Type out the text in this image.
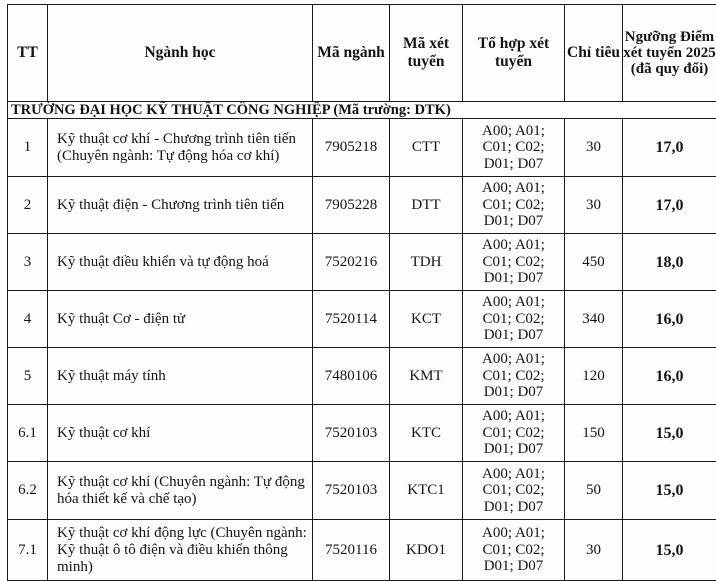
TT	Ngành học	Mã ngành	Mã xét tuyển	Tổ hợp xét tuyển	Chỉ tiêu	Ngưỡng Điểm xét tuyển 2025 (đã quy đổi)
TRƯỜNG ĐẠI HỌC KỸ THUẬT CÔNG NGHIỆP (Mã trường: DTK)						
1	Kỹ thuật cơ khí - Chương trình tiên tiến (Chuyên ngành: Tự động hóa cơ khí)	7905218	CTT	A00; A01;
C01; C02;
D01; D07	30	17,0
2	Kỹ thuật điện - Chương trình tiên tiến	7905228	DTT	A00; A01;
C01; C02;
D01; D07	30	17,0
3	Kỹ thuật điều khiển và tự động hoá	7520216	TDH	A00; A01;
C01; C02;
D01; D07	450	18,0
4	Kỹ thuật Cơ - điện tử	7520114	KCT	A00; A01;
C01; C02;
D01; D07	340	16,0
5	Kỹ thuật máy tính	7480106	KMT	A00; A01;
C01; C02;
D01; D07	120	16,0
6.1	Kỹ thuật cơ khí	7520103	KTC	A00; A01;
C01; C02;
D01; D07	150	15,0
6.2	Kỹ thuật cơ khí (Chuyên ngành: Tự động hóa thiết kế và chế tạo)	7520103	KTC1	A00; A01;
C01; C02;
D01; D07	50	15,0
7.1	Kỹ thuật cơ khí động lực (Chuyên ngành: Kỹ thuật ô tô điện và điều khiển thông minh)	7520116	KDO1	A00; A01;
C01; C02;
D01; D07	30	15,0
